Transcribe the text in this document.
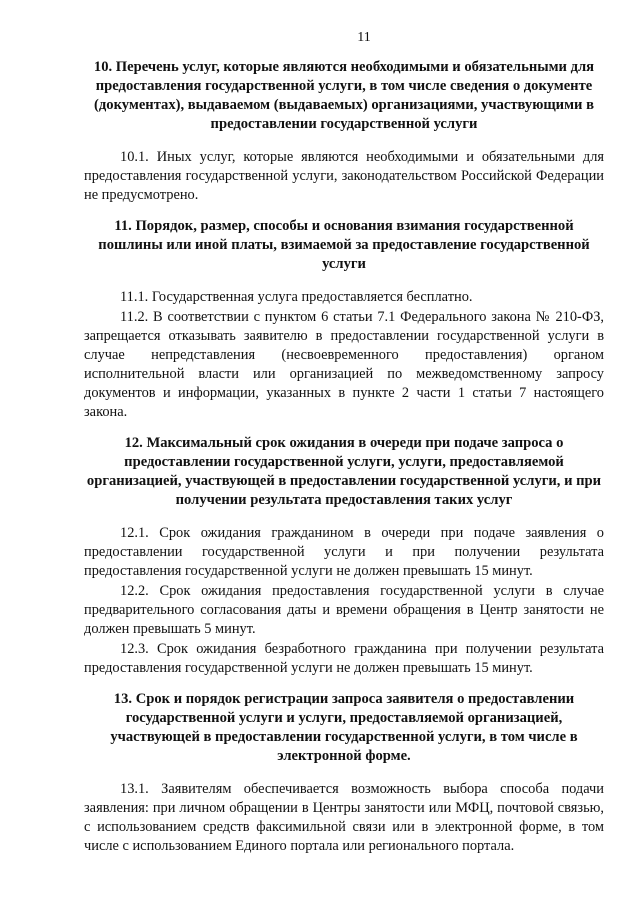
11
10. Перечень услуг, которые являются необходимыми и обязательными для предоставления государственной услуги, в том числе сведения о документе (документах), выдаваемом (выдаваемых) организациями, участвующими в предоставлении государственной услуги

10.1. Иных услуг, которые являются необходимыми и обязательными для предоставления государственной услуги, законодательством Российской Федерации не предусмотрено.

11. Порядок, размер, способы и основания взимания государственной пошлины или иной платы, взимаемой за предоставление государственной услуги

11.1. Государственная услуга предоставляется бесплатно.

11.2. В соответствии с пунктом 6 статьи 7.1 Федерального закона № 210-ФЗ, запрещается отказывать заявителю в предоставлении государственной услуги в случае непредставления (несвоевременного предоставления) органом исполнительной власти или организацией по межведомственному запросу документов и информации, указанных в пункте 2 части 1 статьи 7 настоящего закона.

12. Максимальный срок ожидания в очереди при подаче запроса о предоставлении государственной услуги, услуги, предоставляемой организацией, участвующей в предоставлении государственной услуги, и при получении результата предоставления таких услуг

12.1. Срок ожидания гражданином в очереди при подаче заявления о предоставлении государственной услуги и при получении результата предоставления государственной услуги не должен превышать 15 минут.

12.2. Срок ожидания предоставления государственной услуги в случае предварительного согласования даты и времени обращения в Центр занятости не должен превышать 5 минут.

12.3. Срок ожидания безработного гражданина при получении результата предоставления государственной услуги не должен превышать 15 минут.

13. Срок и порядок регистрации запроса заявителя о предоставлении государственной услуги и услуги, предоставляемой организацией, участвующей в предоставлении государственной услуги, в том числе в электронной форме.

13.1. Заявителям обеспечивается возможность выбора способа подачи заявления: при личном обращении в Центры занятости или МФЦ, почтовой связью, с использованием средств факсимильной связи или в электронной форме, в том числе с использованием Единого портала или регионального портала.
